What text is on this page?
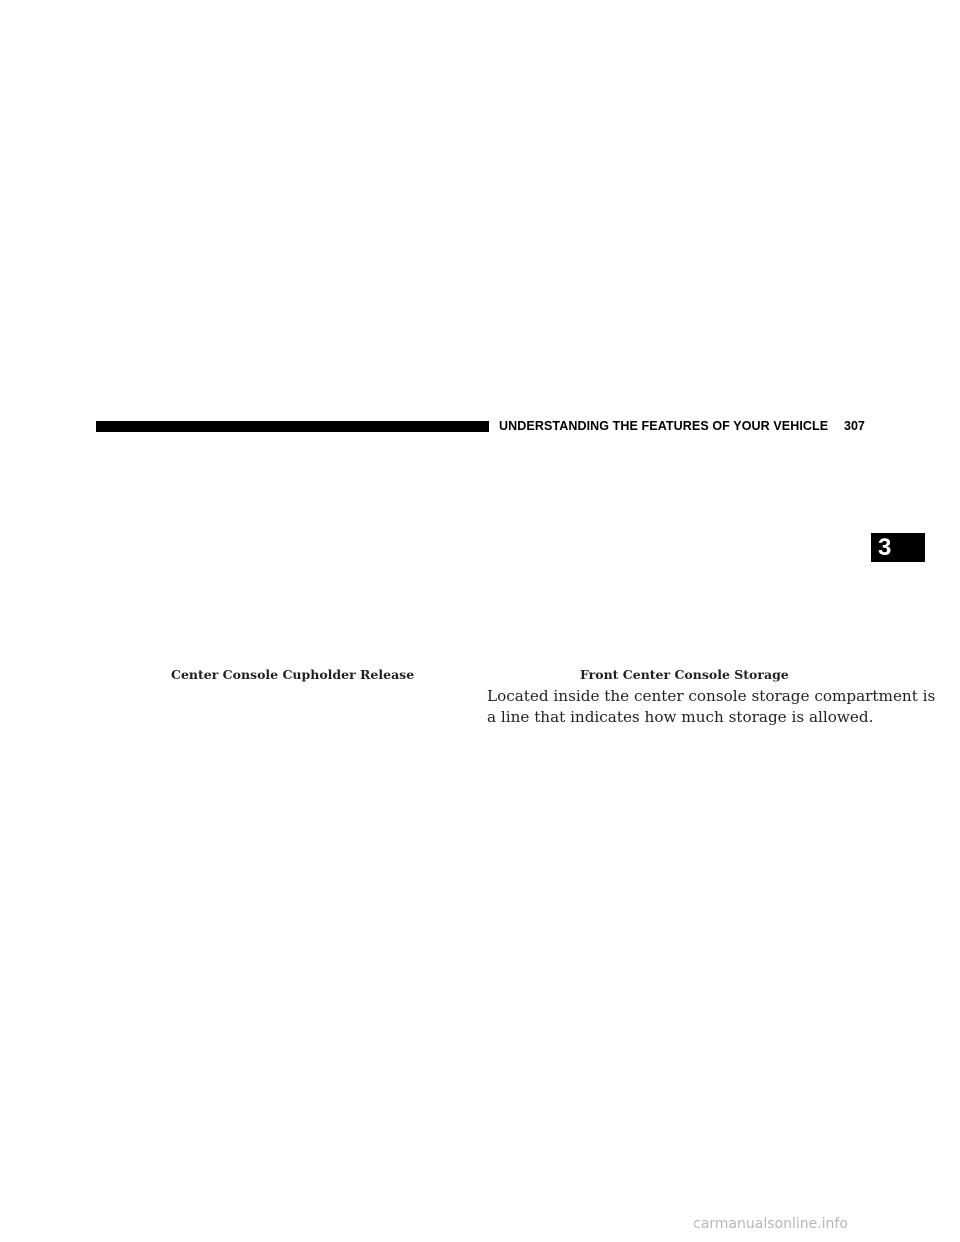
UNDERSTANDING THE FEATURES OF YOUR VEHICLE 307
3
Center Console Cupholder Release	Front Center Console Storage

Located inside the center console storage compartment is
a line that indicates how much storage is allowed.

carmanualsonline.info
